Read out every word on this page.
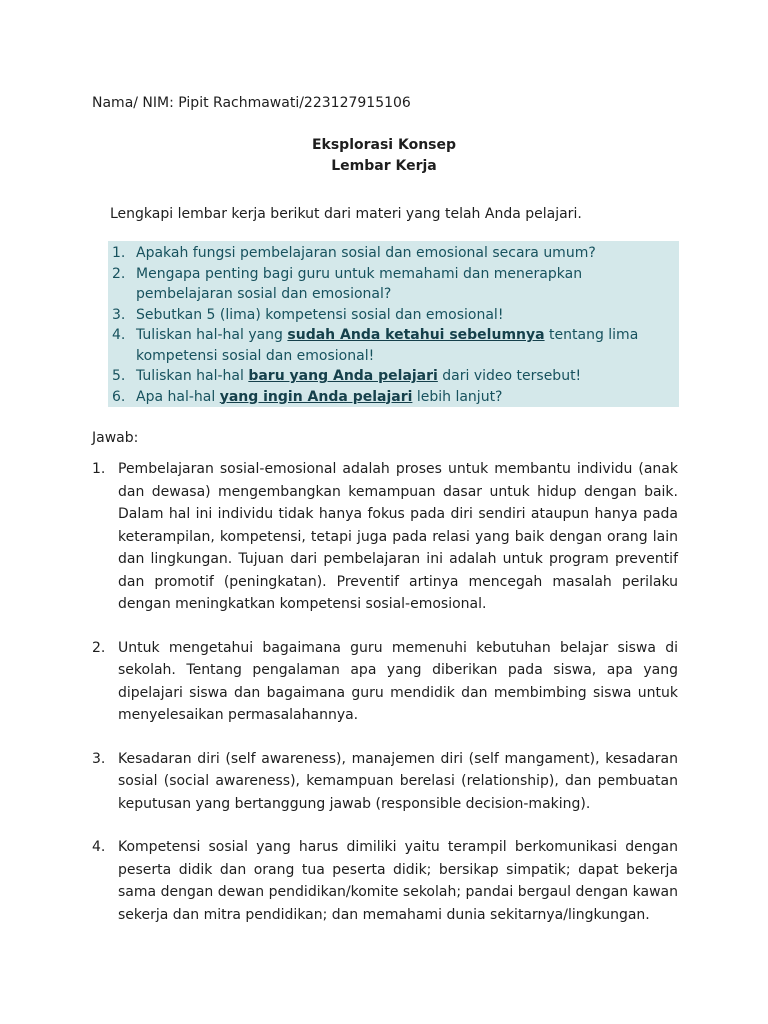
Nama/ NIM: Pipit Rachmawati/223127915106
Eksplorasi Konsep
Lembar Kerja
Lengkapi lembar kerja berikut dari materi yang telah Anda pelajari.
1. Apakah fungsi pembelajaran sosial dan emosional secara umum?
2. Mengapa penting bagi guru untuk memahami dan menerapkan pembelajaran sosial dan emosional?
3. Sebutkan 5 (lima) kompetensi sosial dan emosional!
4. Tuliskan hal-hal yang sudah Anda ketahui sebelumnya tentang lima kompetensi sosial dan emosional!
5. Tuliskan hal-hal baru yang Anda pelajari dari video tersebut!
6. Apa hal-hal yang ingin Anda pelajari lebih lanjut?
Jawab:
1. Pembelajaran sosial-emosional adalah proses untuk membantu individu (anak dan dewasa) mengembangkan kemampuan dasar untuk hidup dengan baik. Dalam hal ini individu tidak hanya fokus pada diri sendiri ataupun hanya pada keterampilan, kompetensi, tetapi juga pada relasi yang baik dengan orang lain dan lingkungan. Tujuan dari pembelajaran ini adalah untuk program preventif dan promotif (peningkatan). Preventif artinya mencegah masalah perilaku dengan meningkatkan kompetensi sosial-emosional.
2. Untuk mengetahui bagaimana guru memenuhi kebutuhan belajar siswa di sekolah. Tentang pengalaman apa yang diberikan pada siswa, apa yang dipelajari siswa dan bagaimana guru mendidik dan membimbing siswa untuk menyelesaikan permasalahannya.
3. Kesadaran diri (self awareness), manajemen diri (self mangament), kesadaran sosial (social awareness), kemampuan berelasi (relationship), dan pembuatan keputusan yang bertanggung jawab (responsible decision-making).
4. Kompetensi sosial yang harus dimiliki yaitu terampil berkomunikasi dengan peserta didik dan orang tua peserta didik; bersikap simpatik; dapat bekerja sama dengan dewan pendidikan/komite sekolah; pandai bergaul dengan kawan sekerja dan mitra pendidikan; dan memahami dunia sekitarnya/lingkungan.
